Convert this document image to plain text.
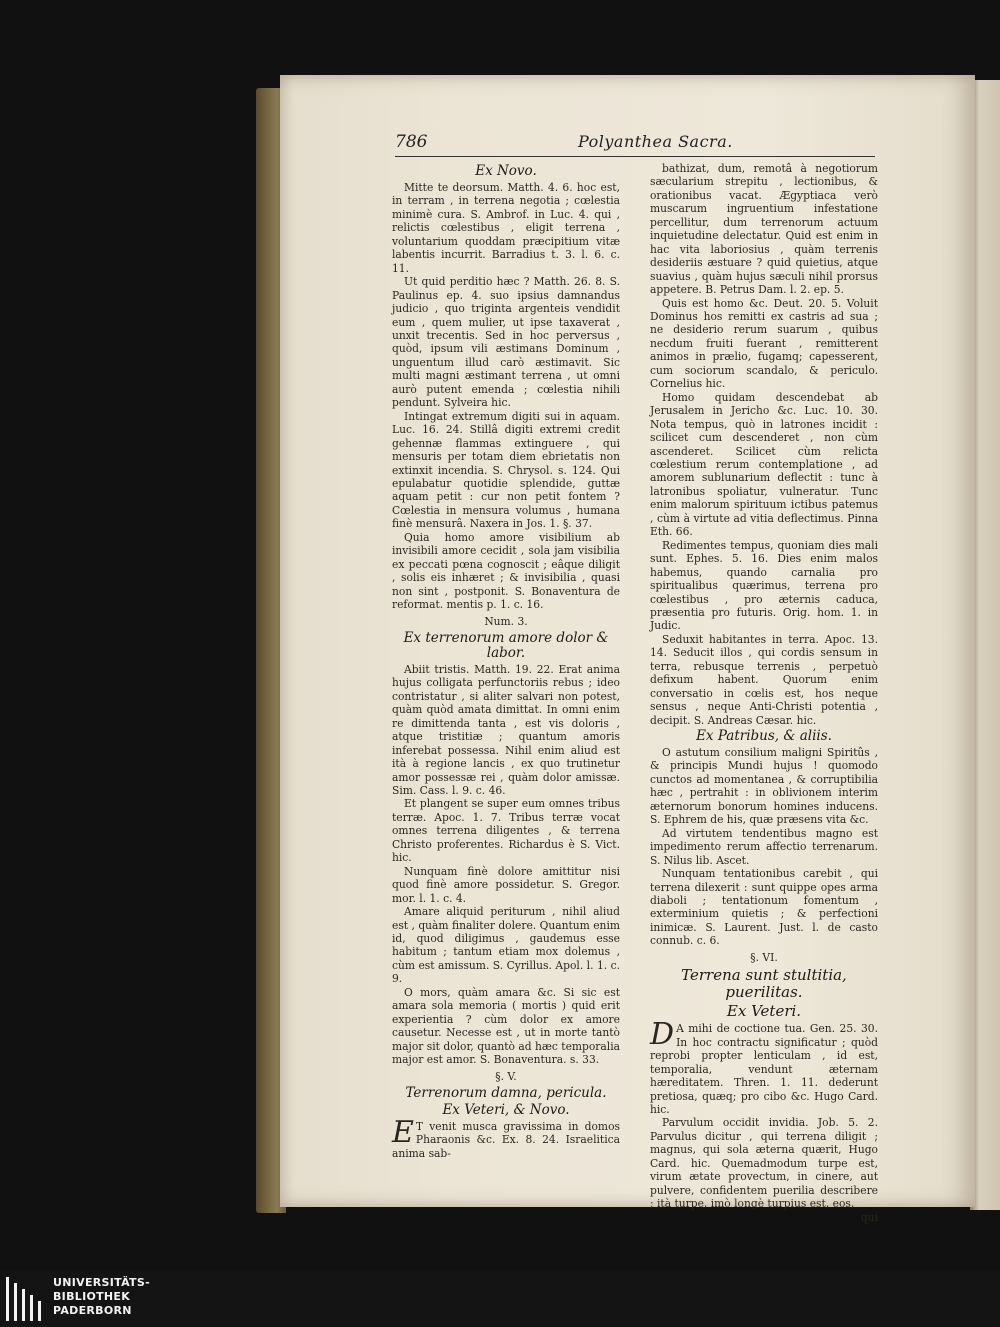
786	Polyanthea Sacra.

Ex Novo.

Mitte te deorsum. Matth. 4. 6. hoc est, in terram , in terrena negotia ; cœlestia minimè cura. S. Ambrof. in Luc. 4. qui , relictis cœlestibus , eligit terrena , voluntarium quoddam præcipitium vitæ labentis incurrit. Barradius t. 3. l. 6. c. 11.

Ut quid perditio hæc ? Matth. 26. 8. S. Paulinus ep. 4. suo ipsius damnandus judicio , quo triginta argenteis vendidit eum , quem mulier, ut ipse taxaverat , unxit trecentis. Sed in hoc perversus , quòd, ipsum vili æstimans Dominum , unguentum illud carò æstimavit. Sic multi magni æstimant terrena , ut omni aurò putent emenda ; cœlestia nihili pendunt. Sylveira hic.

Intingat extremum digiti sui in aquam. Luc. 16. 24. Stillâ digiti extremi credit gehennæ flammas extinguere , qui mensuris per totam diem ebrietatis non extinxit incendia. S. Chrysol. s. 124. Qui epulabatur quotidie splendide, guttæ aquam petit : cur non petit fontem ? Cœlestia in mensura volumus , humana finè mensurâ. Naxera in Jos. 1. §. 37.

Quia homo amore visibilium ab invisibili amore cecidit , sola jam visibilia ex peccati pœna cognoscit ; eâque diligit , solis eis inhæret ; & invisibilia , quasi non sint , postponit. S. Bonaventura de reformat. mentis p. 1. c. 16.

Num. 3.

Ex terrenorum amore dolor & labor.

Abiit tristis. Matth. 19. 22. Erat anima hujus colligata perfunctoriis rebus ; ideo contristatur , si aliter salvari non potest, quàm quòd amata dimittat. In omni enim re dimittenda tanta , est vis doloris , atque tristitiæ ; quantum amoris inferebat possessa. Nihil enim aliud est ità à regione lancis , ex quo trutinetur amor possessæ rei , quàm dolor amissæ. Sim. Cass. l. 9. c. 46.

Et plangent se super eum omnes tribus terræ. Apoc. 1. 7. Tribus terræ vocat omnes terrena diligentes , & terrena Christo proferentes. Richardus è S. Vict. hic.

Nunquam finè dolore amittitur nisi quod finè amore possidetur. S. Gregor. mor. l. 1. c. 4.

Amare aliquid periturum , nihil aliud est , quàm finaliter dolere. Quantum enim id, quod diligimus , gaudemus esse habitum ; tantum etiam mox dolemus , cùm est amissum. S. Cyrillus. Apol. l. 1. c. 9.

O mors, quàm amara &c. Si sic est amara sola memoria ( mortis ) quid erit experientia ? cùm dolor ex amore causetur. Necesse est , ut in morte tantò major sit dolor, quantò ad hæc temporalia major est amor. S. Bonaventura. s. 33.

§. V.

Terrenorum damna, pericula.

Ex Veteri, & Novo.

E T venit musca gravissima in domos Pharaonis &c. Ex. 8. 24. Israelitica anima sab-

bathizat, dum, remotâ à negotiorum sæcularium strepitu , lectionibus, & orationibus vacat. Ægyptiaca verò muscarum ingruentium infestatione percellitur, dum terrenorum actuum inquietudine delectatur. Quid est enim in hac vita laboriosius , quàm terrenis desideriis æstuare ? quid quietius, atque suavius , quàm hujus sæculi nihil prorsus appetere. B. Petrus Dam. l. 2. ep. 5.

Quis est homo &c. Deut. 20. 5. Voluit Dominus hos remitti ex castris ad sua ; ne desiderio rerum suarum , quibus necdum fruiti fuerant , remitterent animos in prælio, fugamq; capesserent, cum sociorum scandalo, & periculo. Cornelius hic.

Homo quidam descendebat ab Jerusalem in Jericho &c. Luc. 10. 30. Nota tempus, quò in latrones incidit : scilicet cum descenderet , non cùm ascenderet. Scilicet cùm relicta cœlestium rerum contemplatione , ad amorem sublunarium deflectit : tunc à latronibus spoliatur, vulneratur. Tunc enim malorum spirituum ictibus patemus , cùm à virtute ad vitia deflectimus. Pinna Eth. 66.

Redimentes tempus, quoniam dies mali sunt. Ephes. 5. 16. Dies enim malos habemus, quando carnalia pro spiritualibus quærimus, terrena pro cœlestibus , pro æternis caduca, præsentia pro futuris. Orig. hom. 1. in Judic.

Seduxit habitantes in terra. Apoc. 13. 14. Seducit illos , qui cordis sensum in terra, rebusque terrenis , perpetuò defixum habent. Quorum enim conversatio in cœlis est, hos neque sensus , neque Anti-Christi potentia , decipit. S. Andreas Cæsar. hic.

Ex Patribus, & aliis.

O astutum consilium maligni Spiritûs , & principis Mundi hujus ! quomodo cunctos ad momentanea , & corruptibilia hæc , pertrahit : in oblivionem interim æternorum bonorum homines inducens. S. Ephrem de his, quæ præsens vita &c.

Ad virtutem tendentibus magno est impedimento rerum affectio terrenarum. S. Nilus lib. Ascet.

Nunquam tentationibus carebit , qui terrena dilexerit : sunt quippe opes arma diaboli ; tentationum fomentum , exterminium quietis ; & perfectioni inimicæ. S. Laurent. Just. l. de casto connub. c. 6.

§. VI.

Terrena sunt stultitia, puerilitas.

Ex Veteri.

D A mihi de coctione tua. Gen. 25. 30. In hoc contractu significatur ; quòd reprobi propter lenticulam , id est, temporalia, vendunt æternam hæreditatem. Thren. 1. 11. dederunt pretiosa, quæq; pro cibo &c. Hugo Card. hic.

Parvulum occidit invidia. Job. 5. 2. Parvulus dicitur , qui terrena diligit ; magnus, qui sola æterna quærit, Hugo Card. hic. Quemadmodum turpe est, virum ætate provectum, in cinere, aut pulvere, confidentem puerilia describere ; ità turpe, imò longè turpius est, eos,

qui

UNIVERSITÄTS-
BIBLIOTHEK
PADERBORN
